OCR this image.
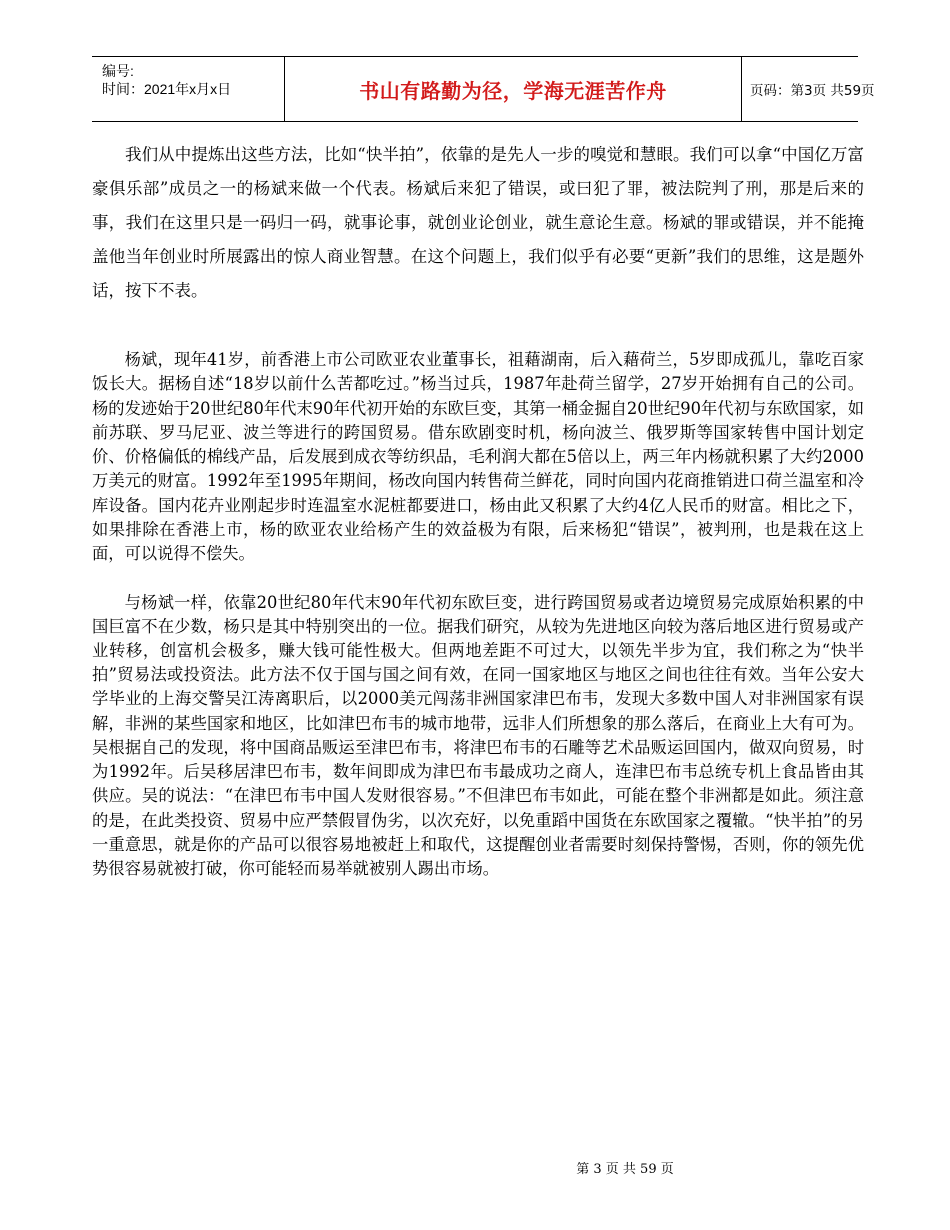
编号:
时间：2021年x月x日	书山有路勤为径，学海无涯苦作舟	页码：第3页 共59页

我们从中提炼出这些方法，比如“快半拍”，依靠的是先人一步的嗅觉和慧眼。我们可以拿“中国亿万富豪俱乐部”成员之一的杨斌来做一个代表。杨斌后来犯了错误，或曰犯了罪，被法院判了刑，那是后来的事，我们在这里只是一码归一码，就事论事，就创业论创业，就生意论生意。杨斌的罪或错误，并不能掩盖他当年创业时所展露出的惊人商业智慧。在这个问题上，我们似乎有必要“更新”我们的思维，这是题外话，按下不表。

杨斌，现年41岁，前香港上市公司欧亚农业董事长，祖藉湖南，后入藉荷兰，5岁即成孤儿，靠吃百家饭长大。据杨自述“18岁以前什么苦都吃过。”杨当过兵，1987年赴荷兰留学，27岁开始拥有自己的公司。杨的发迹始于20世纪80年代末90年代初开始的东欧巨变，其第一桶金掘自20世纪90年代初与东欧国家，如前苏联、罗马尼亚、波兰等进行的跨国贸易。借东欧剧变时机，杨向波兰、俄罗斯等国家转售中国计划定价、价格偏低的棉线产品，后发展到成衣等纺织品，毛利润大都在5倍以上，两三年内杨就积累了大约2000万美元的财富。1992年至1995年期间，杨改向国内转售荷兰鲜花，同时向国内花商推销进口荷兰温室和冷库设备。国内花卉业刚起步时连温室水泥桩都要进口，杨由此又积累了大约4亿人民币的财富。相比之下，如果排除在香港上市，杨的欧亚农业给杨产生的效益极为有限，后来杨犯“错误”，被判刑，也是栽在这上面，可以说得不偿失。

与杨斌一样，依靠20世纪80年代末90年代初东欧巨变，进行跨国贸易或者边境贸易完成原始积累的中国巨富不在少数，杨只是其中特别突出的一位。据我们研究，从较为先进地区向较为落后地区进行贸易或产业转移，创富机会极多，赚大钱可能性极大。但两地差距不可过大，以领先半步为宜，我们称之为“快半拍”贸易法或投资法。此方法不仅于国与国之间有效，在同一国家地区与地区之间也往往有效。当年公安大学毕业的上海交警吴江涛离职后，以2000美元闯荡非洲国家津巴布韦，发现大多数中国人对非洲国家有误解，非洲的某些国家和地区，比如津巴布韦的城市地带，远非人们所想象的那么落后，在商业上大有可为。吴根据自己的发现，将中国商品贩运至津巴布韦，将津巴布韦的石雕等艺术品贩运回国内，做双向贸易，时为1992年。后吴移居津巴布韦，数年间即成为津巴布韦最成功之商人，连津巴布韦总统专机上食品皆由其供应。吴的说法：“在津巴布韦中国人发财很容易。”不但津巴布韦如此，可能在整个非洲都是如此。须注意的是，在此类投资、贸易中应严禁假冒伪劣，以次充好，以免重蹈中国货在东欧国家之覆辙。“快半拍”的另一重意思，就是你的产品可以很容易地被赶上和取代，这提醒创业者需要时刻保持警惕，否则，你的领先优势很容易就被打破，你可能轻而易举就被别人踢出市场。

第 3 页 共 59 页
